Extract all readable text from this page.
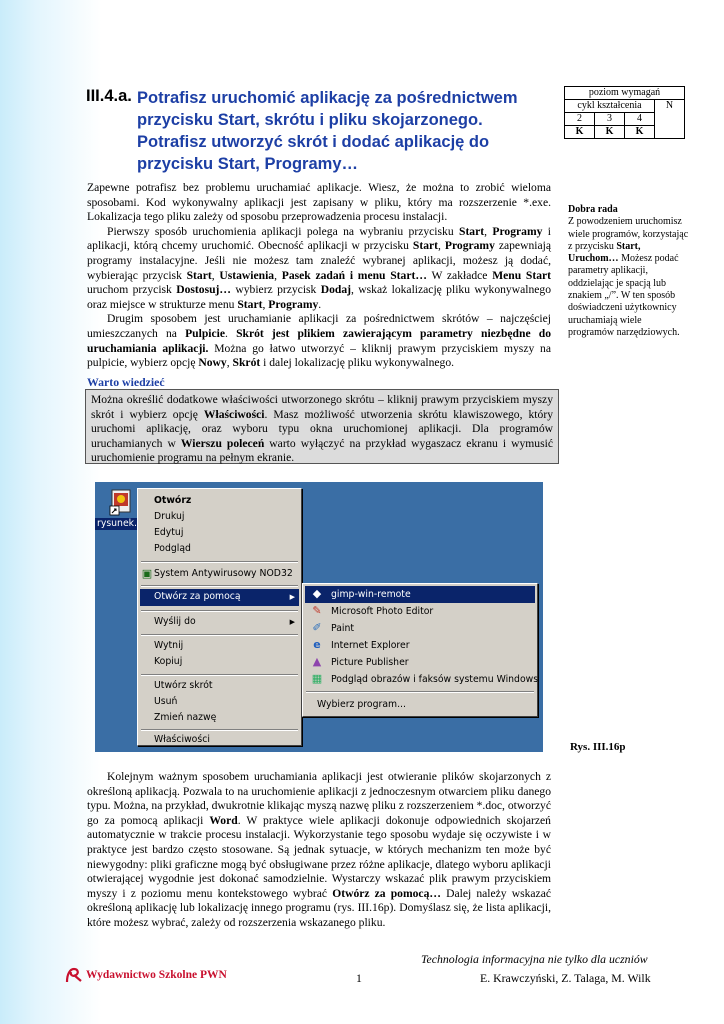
III.4.a. Potrafisz uruchomić aplikację za pośrednictwem przycisku Start, skrótu i pliku skojarzonego. Potrafisz utworzyć skrót i dodać aplikację do przycisku Start, Programy…
poziom wymagań			
cykl kształcenia			N
2	3	4	
K	K	K	

Zapewne potrafisz bez problemu uruchamiać aplikacje. Wiesz, że można to zrobić wieloma sposobami. Kod wykonywalny aplikacji jest zapisany w pliku, który ma rozszerzenie *.exe. Lokalizacja tego pliku zależy od sposobu przeprowadzenia procesu instalacji.

Pierwszy sposób uruchomienia aplikacji polega na wybraniu przycisku Start, Programy i aplikacji, którą chcemy uruchomić. Obecność aplikacji w przycisku Start, Programy zapewniają programy instalacyjne. Jeśli nie możesz tam znaleźć wybranej aplikacji, możesz ją dodać, wybierając przycisk Start, Ustawienia, Pasek zadań i menu Start… W zakładce Menu Start uruchom przycisk Dostosuj… wybierz przycisk Dodaj, wskaż lokalizację pliku wykonywalnego oraz miejsce w strukturze menu Start, Programy.

Drugim sposobem jest uruchamianie aplikacji za pośrednictwem skrótów – najczęściej umieszczanych na Pulpicie. Skrót jest plikiem zawierającym parametry niezbędne do uruchamiania aplikacji. Można go łatwo utworzyć – kliknij prawym przyciskiem myszy na pulpicie, wybierz opcję Nowy, Skrót i dalej lokalizację pliku wykonywalnego.

Dobra rada
Z powodzeniem uruchomisz wiele programów, korzystając z przycisku Start, Uruchom… Możesz podać parametry aplikacji, oddzielając je spacją lub znakiem „/”. W ten sposób doświadczeni użytkownicy uruchamiają wiele programów narzędziowych.
Warto wiedzieć
Można określić dodatkowe właściwości utworzonego skrótu – kliknij prawym przyciskiem myszy skrót i wybierz opcję Właściwości. Masz możliwość utworzenia skrótu klawiszowego, który uruchomi aplikację, oraz wyboru typu okna uruchomionej aplikacji. Dla programów uruchamianych w Wierszu poleceń warto wyłączyć na przykład wygaszacz ekranu i wymusić uruchomienie programu na pełnym ekranie.
rysunek.
Otwórz
Drukuj
Edytuj
Podgląd
▣ System Antywirusowy NOD32
Otwórz za pomocą	▶
Wyślij do	▶
Wytnij
Kopiuj
Utwórz skrót
Usuń
Zmień nazwę
Właściwości
◆ gimp-win-remote
✎ Microsoft Photo Editor
✐ Paint
e	Internet Explorer
▲ Picture Publisher
▦ Podgląd obrazów i faksów systemu Windows
Wybierz program...
Rys. III.16p

Kolejnym ważnym sposobem uruchamiania aplikacji jest otwieranie plików skojarzonych z określoną aplikacją. Pozwala to na uruchomienie aplikacji z jednoczesnym otwarciem pliku danego typu. Można, na przykład, dwukrotnie klikając myszą nazwę pliku z rozszerzeniem *.doc, otworzyć go za pomocą aplikacji Word. W praktyce wiele aplikacji dokonuje odpowiednich skojarzeń automatycznie w trakcie procesu instalacji. Wykorzystanie tego sposobu wydaje się oczywiste i w praktyce jest bardzo często stosowane. Są jednak sytuacje, w których mechanizm ten może być niewygodny: pliki graficzne mogą być obsługiwane przez różne aplikacje, dlatego wyboru aplikacji otwierającej wygodnie jest dokonać samodzielnie. Wystarczy wskazać plik prawym przyciskiem myszy i z poziomu menu kontekstowego wybrać Otwórz za pomocą… Dalej należy wskazać określoną aplikację lub lokalizację innego programu (rys. III.16p). Domyślasz się, że lista aplikacji, które możesz wybrać, zależy od rozszerzenia wskazanego pliku.

Technologia informacyjna nie tylko dla uczniów
Wydawnictwo Szkolne PWN	1	E. Krawczyński, Z. Talaga, M. Wilk
